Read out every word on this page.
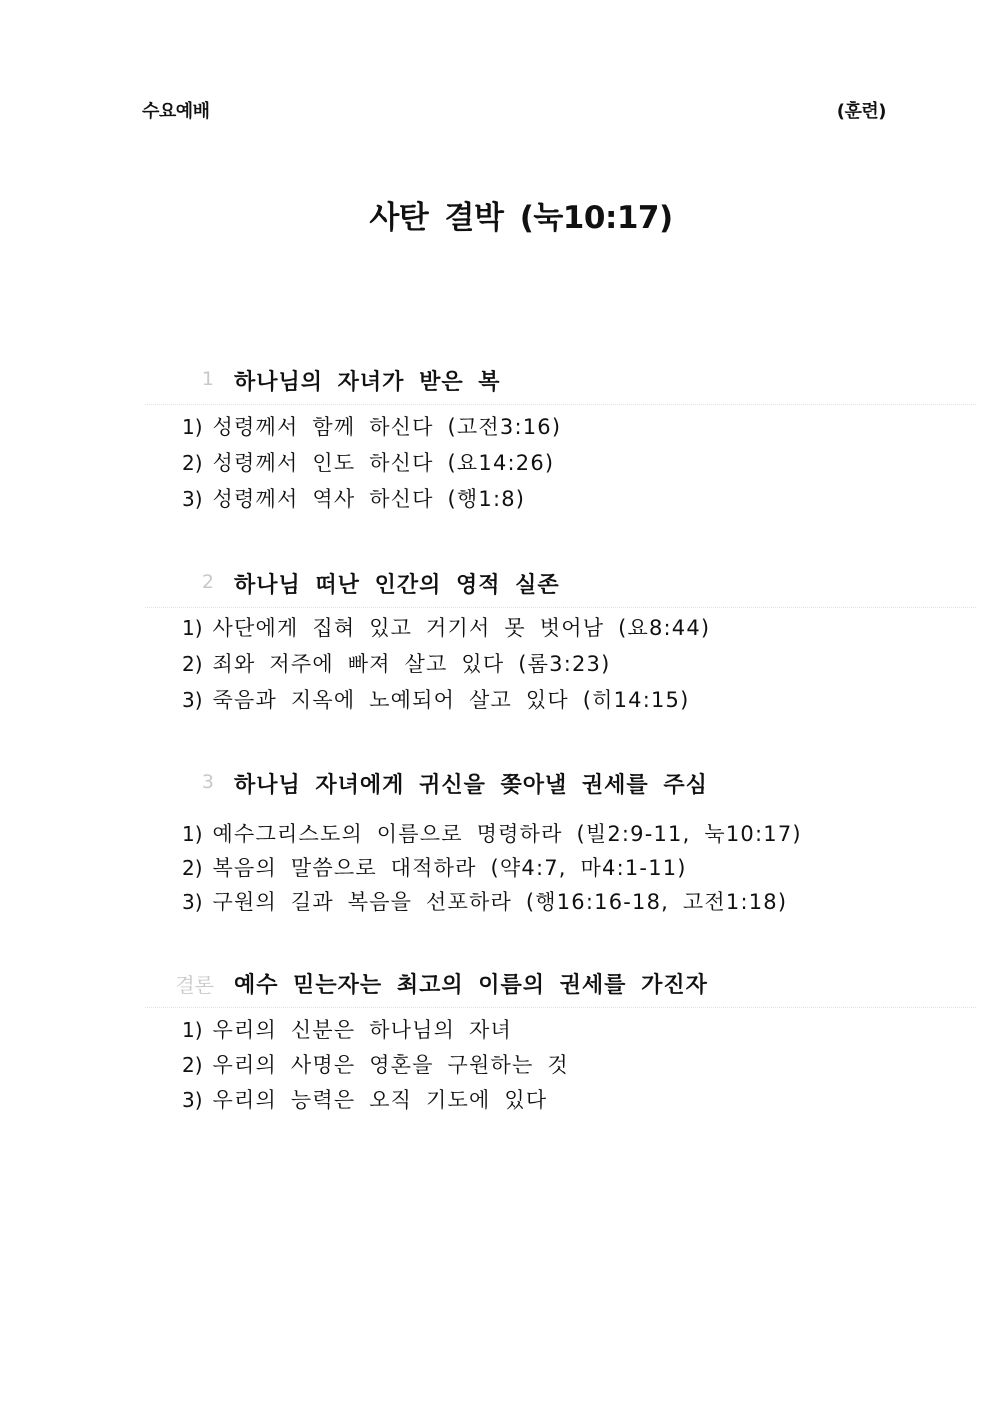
수요예배	(훈련)
사탄 결박 (눅10:17)
1 하나님의 자녀가 받은 복
1) 성령께서 함께 하신다 (고전3:16)
2) 성령께서 인도 하신다 (요14:26)
3) 성령께서 역사 하신다 (행1:8)
2 하나님 떠난 인간의 영적 실존
1) 사단에게 집혀 있고 거기서 못 벗어남 (요8:44)
2) 죄와 저주에 빠져 살고 있다 (롬3:23)
3) 죽음과 지옥에 노예되어 살고 있다 (히14:15)
3 하나님 자녀에게 귀신을 쫒아낼 권세를 주심
1) 예수그리스도의 이름으로 명령하라 (빌2:9-11, 눅10:17)
2) 복음의 말씀으로 대적하라 (약4:7, 마4:1-11)
3) 구원의 길과 복음을 선포하라 (행16:16-18, 고전1:18)
결론 예수 믿는자는 최고의 이름의 권세를 가진자
1) 우리의 신분은 하나님의 자녀
2) 우리의 사명은 영혼을 구원하는 것
3) 우리의 능력은 오직 기도에 있다
